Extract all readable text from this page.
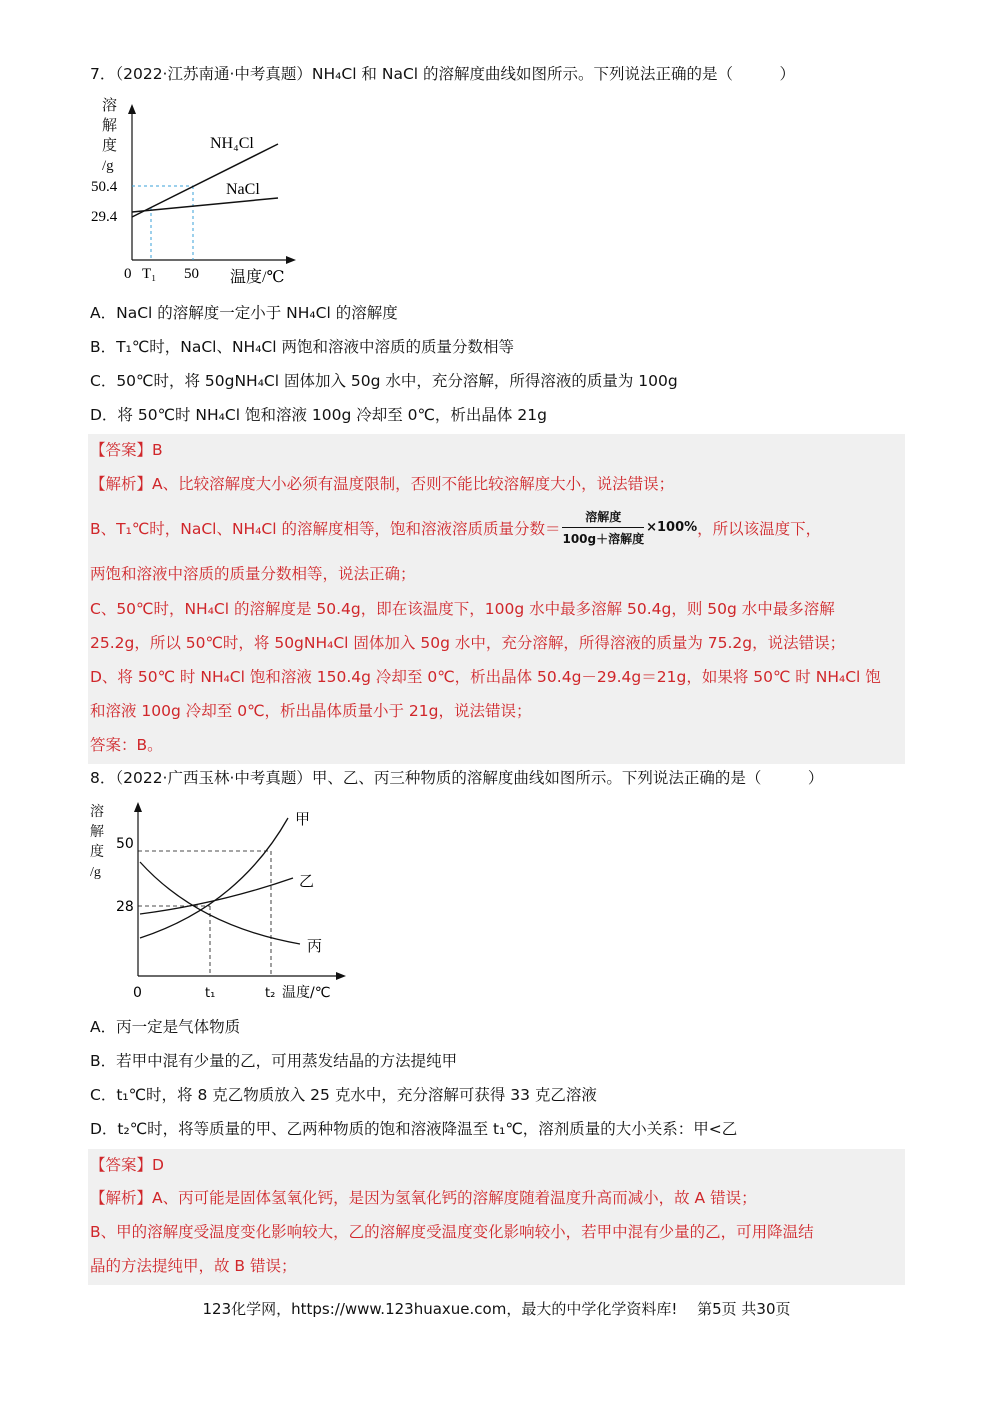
7．（2022·江苏南通·中考真题）NH₄Cl 和 NaCl 的溶解度曲线如图所示。下列说法正确的是（　　　）
溶
解
度
/g
50.4
29.4
0 T₁ 50 温度/℃
NH₄Cl
NaCl
A．NaCl 的溶解度一定小于 NH₄Cl 的溶解度
B．T₁℃时，NaCl、NH₄Cl 两饱和溶液中溶质的质量分数相等
C．50℃时，将 50gNH₄Cl 固体加入 50g 水中，充分溶解，所得溶液的质量为 100g
D．将 50℃时 NH₄Cl 饱和溶液 100g 冷却至 0℃，析出晶体 21g
【答案】B
【解析】A、比较溶解度大小必须有温度限制，否则不能比较溶解度大小，说法错误；
B、T₁℃时，NaCl、NH₄Cl 的溶解度相等，饱和溶液溶质质量分数＝ $\frac{\text{溶解度}}{\text{100g＋溶解度}} \times 100\%$ ，所以该温度下，
两饱和溶液中溶质的质量分数相等，说法正确；
C、50℃时，NH₄Cl 的溶解度是 50.4g，即在该温度下，100g 水中最多溶解 50.4g，则 50g 水中最多溶解
25.2g，所以 50℃时，将 50gNH₄Cl 固体加入 50g 水中，充分溶解，所得溶液的质量为 75.2g，说法错误；
D、将 50℃ 时 NH₄Cl 饱和溶液 150.4g 冷却至 0℃，析出晶体 50.4g－29.4g＝21g，如果将 50℃ 时 NH₄Cl 饱
和溶液 100g 冷却至 0℃，析出晶体质量小于 21g，说法错误；
答案：B。
8．（2022·广西玉林·中考真题）甲、乙、丙三种物质的溶解度曲线如图所示。下列说法正确的是（　　　）
溶
解
度
/g
50
28
0	t₁	t₂ 温度/℃
甲
乙
丙
A．丙一定是气体物质
B．若甲中混有少量的乙，可用蒸发结晶的方法提纯甲
C．t₁℃时，将 8 克乙物质放入 25 克水中，充分溶解可获得 33 克乙溶液
D．t₂℃时，将等质量的甲、乙两种物质的饱和溶液降温至 t₁℃，溶剂质量的大小关系：甲<乙
【答案】D
【解析】A、丙可能是固体氢氧化钙，是因为氢氧化钙的溶解度随着温度升高而减小，故 A 错误；
B、甲的溶解度受温度变化影响较大，乙的溶解度受温度变化影响较小，若甲中混有少量的乙，可用降温结
晶的方法提纯甲，故 B 错误；
123化学网，https://www.123huaxue.com，最大的中学化学资料库!　 第5页 共30页
